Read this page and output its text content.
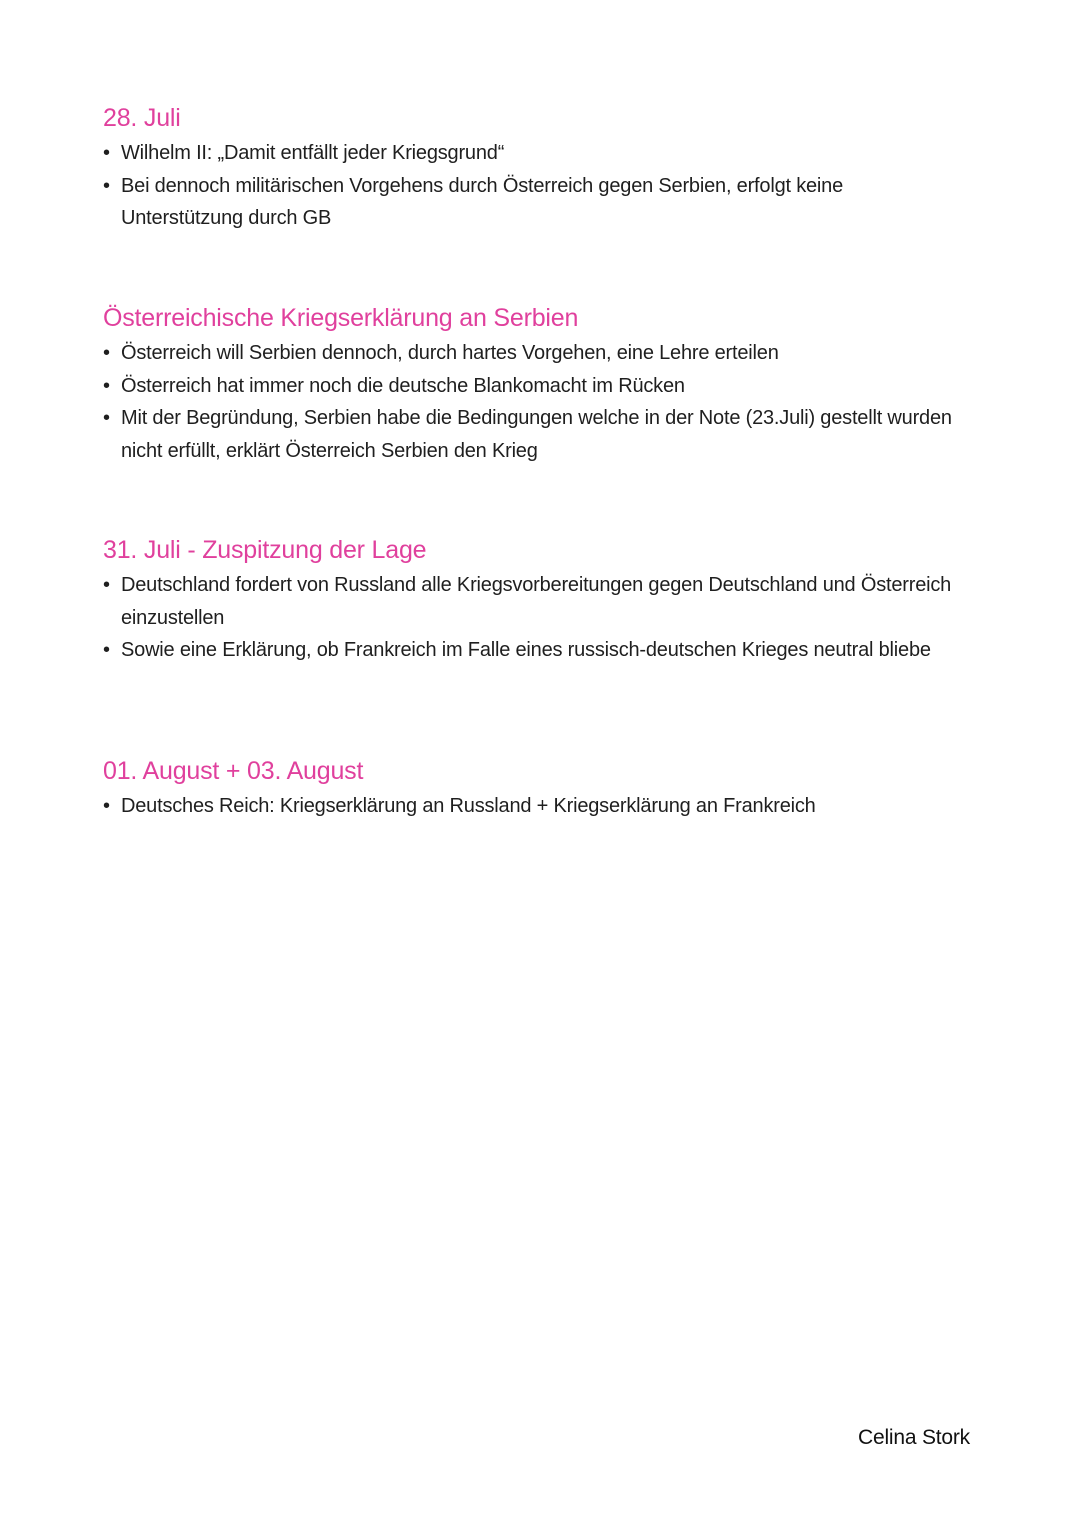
28. Juli
• Wilhelm II: „Damit entfällt jeder Kriegsgrund“
• Bei dennoch militärischen Vorgehens durch Österreich gegen Serbien, erfolgt keine Unterstützung durch GB
Österreichische Kriegserklärung an Serbien
• Österreich will Serbien dennoch, durch hartes Vorgehen, eine Lehre erteilen
• Österreich hat immer noch die deutsche Blankomacht im Rücken
• Mit der Begründung, Serbien habe die Bedingungen welche in der Note (23.Juli) gestellt wurden nicht erfüllt, erklärt Österreich Serbien den Krieg
31. Juli - Zuspitzung der Lage
• Deutschland fordert von Russland alle Kriegsvorbereitungen gegen Deutschland und Österreich einzustellen
• Sowie eine Erklärung, ob Frankreich im Falle eines russisch-deutschen Krieges neutral bliebe
01. August + 03. August
• Deutsches Reich: Kriegserklärung an Russland + Kriegserklärung an Frankreich
Celina Stork
